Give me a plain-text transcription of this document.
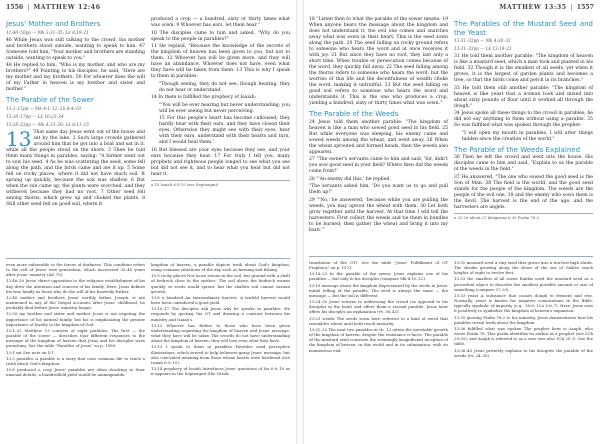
1556 | MATTHEW 12:46
Jesus' Mother and Brothers
12:46–50pp — Mk 3:31–35; Lk 8:19–21

46 While Jesus was still talking to the crowd, his mother and brothers stood outside, wanting to speak to him. 47 Someone told him, "Your mother and brothers are standing outside, wanting to speak to you."

48 He replied to him, "Who is my mother, and who are my brothers?" 49 Pointing to his disciples, he said, "Here are my mother and my brothers. 50 For whoever does the will of my Father in heaven is my brother and sister and mother."

The Parable of the Sower
13:1–15pp — Mk 4:1–12; Lk 8:4–10
13:16–17pp — Lk 10:23–24
13:18–23pp — Mk 4:13–20; Lk 8:11–15

13 That same day Jesus went out of the house and sat by the lake. 2 Such large crowds gathered around him that he got into a boat and sat in it, while all the people stood on the shore. 3 Then he told them many things in parables, saying: "A farmer went out to sow his seed. 4 As he was scattering the seed, some fell along the path, and the birds came and ate it up. 5 Some fell on rocky places, where it did not have much soil. It sprang up quickly, because the soil was shallow. 6 But when the sun came up, the plants were scorched, and they withered because they had no root. 7 Other seed fell among thorns, which grew up and choked the plants. 8 Still other seed fell on good soil, where it

produced a crop — a hundred, sixty or thirty times what was sown. 9 Whoever has ears, let them hear."

10 The disciples came to him and asked, "Why do you speak to the people in parables?"

11 He replied, "Because the knowledge of the secrets of the kingdom of heaven has been given to you, but not to them. 12 Whoever has will be given more, and they will have an abundance. Whoever does not have, even what they have will be taken from them. 13 This is why I speak to them in parables:

"Though seeing, they do not see; though hearing, they do not hear or understand.

14 In them is fulfilled the prophecy of Isaiah:

"'You will be ever hearing but never understanding; you will be ever seeing but never perceiving.

15 For this people's heart has become calloused; they hardly hear with their ears, and they have closed their eyes. Otherwise they might see with their eyes, hear with their ears, understand with their hearts and turn, and I would heal them.'

16 But blessed are your eyes because they see, and your ears because they hear. 17 For truly I tell you, many prophets and righteous people longed to see what you see but did not see it, and to hear what you hear but did not hear it.

a 15 Isaiah 6:9,10 (see Septuagint)

even more vulnerable to the forces of darkness. This condition refers to the evil of Jesus' own generation, which uncovered 35–40 years after Jesus' ministry (AD 70).

12:46–50 Jesus' direct opposition to the religious establishment of his day drew the attention and concern of his family. Here, Jesus defines his true family as those who do the will of his heavenly Father.

12:46 mother and brothers Jesus' earthly father, Joseph, is not mentioned in any of the Gospel accounts after Jesus' childhood; he probably died before Jesus' ministry began.

12:50 my brother and sister and mother Jesus is not negating the importance of his natural family, but his is emphasizing the greater importance of loyalty to the kingdom of God.

13:1–52 Matthew 13 consists of eight parables. The first — the parable of the sower — describes four different responses to the message of the kingdom of heaven that Jesus and his disciples were preaching. See the table "Parables of Jesus" on p. 1556.

13:1 sat See note on 5:1.

13:3 parables A parable is a story that uses common life to teach a truth about God's kingdom.

13:8 produced a crop Jesus' parables are often shocking in their unusual details; a hundredfold yield would be unimaginable.

kingdom of heaven, a parable depicts truth about God's kingdom, using common situations of the day such as farming and fishing.

13:5 rocky places Not loose stones in the soil, but ground with a shelf of bedrock close to the surface. The soil above the bedrock warms quickly, so seeds would sprout, but the shallow soil cannot sustain growth.

13:8 a hundred An extraordinary harvest. A tenfold harvest would have been considered a good yield.

13:10–17 The disciples ask Jesus why he speaks in parables. He responds by quoting the OT and drawing a contrast between his ministry and Isaiah's.

13:12 Whoever has Refers to those who have been given understanding regarding the kingdom of heaven and Jesus' message. what they have will be taken The crowds do not have understanding about the kingdom of heaven; they will lose even what they have.

13:13 I speak to them in parables Parables used perceptive illustrations, which served to help believers grasp Jesus' message, but also concealed meaning from those whose hearts were hardened (see Isaiah 6:9–10).

13:14 prophecy of Isaiah Introduces Jesus' quotation of Isa 6:9–10 as it appears in the Septuagint (the Greek

MATTHEW 13:35 | 1557

18 "Listen then to what the parable of the sower means: 19 When anyone hears the message about the kingdom and does not understand it, the evil one comes and snatches away what was sown in their heart. This is the seed sown along the path. 20 The seed falling on rocky ground refers to someone who hears the word and at once receives it with joy. 21 But since they have no root, they last only a short time. When trouble or persecution comes because of the word, they quickly fall away. 22 The seed falling among the thorns refers to someone who hears the word, but the worries of this life and the deceitfulness of wealth choke the word, making it unfruitful. 23 But the seed falling on good soil refers to someone who hears the word and understands it. This is the one who produces a crop, yielding a hundred, sixty or thirty times what was sown."

The Parable of the Weeds

24 Jesus told them another parable: "The kingdom of heaven is like a man who sowed good seed in his field. 25 But while everyone was sleeping, his enemy came and sowed weeds among the wheat, and went away. 26 When the wheat sprouted and formed heads, then the weeds also appeared.

27 "The owner's servants came to him and said, 'Sir, didn't you sow good seed in your field? Where then did the weeds come from?'

28 "'An enemy did this,' he replied.

"The servants asked him, 'Do you want us to go and pull them up?'

29 "'No,' he answered, 'because while you are pulling the weeds, you may uproot the wheat with them. 30 Let both grow together until the harvest. At that time I will tell the harvesters: First collect the weeds and tie them in bundles to be burned; then gather the wheat and bring it into my barn.'"

The Parables of the Mustard Seed and the Yeast
13:31–32pp — Mk 4:30–32
13:31–33pp — Lk 13:18–21

31 He told them another parable: "The kingdom of heaven is like a mustard seed, which a man took and planted in his field. 32 Though it is the smallest of all seeds, yet when it grows, it is the largest of garden plants and becomes a tree, so that the birds come and perch in its branches."

33 He told them still another parable: "The kingdom of heaven is like yeast that a woman took and mixed into about sixty pounds of flour until it worked all through the dough."

34 Jesus spoke all these things to the crowd in parables; he did not say anything to them without using a parable. 35 So was fulfilled what was spoken through the prophet:

"I will open my mouth in parables, I will utter things hidden since the creation of the world."

The Parable of the Weeds Explained

36 Then he left the crowd and went into the house. His disciples came to him and said, "Explain to us the parable of the weeds in the field."

37 He answered, "The one who sowed the good seed is the Son of Man. 38 The field is the world, and the good seed stands for the people of the kingdom. The weeds are the people of the evil one, 39 and the enemy who sows them is the devil. The harvest is the end of the age, and the harvesters are angels.

a 33 Or about 27 kilograms b 35 Psalm 78:2

translation of the OT). See the table "Jesus' Fulfillment of OT Prophecy" on p. 1573.

13:18–23 In the parable of the sower, Jesus explains one of his parables — but only to his disciples (compare Mk 4:10–12).

13:19 message about the kingdom Represented by the seeds in Jesus' initial telling of the parable. The seed is always the same — the message — but the soil is different.

13:24–30 Jesus returns to addressing the crowd (as opposed to his disciples in the boat) and offers them a second parable. Jesus later offers his disciples an explanation (vv. 36–43).

13:25 weeds The seeds sown here referred to a kind of weed that resembles wheat until both reach maturity.

13:31–33 The next two parables in ch. 13 stress the inevitable growth of the kingdom of heaven, despite the resistance it faces. The parable of the mustard seed contrasts the seemingly insignificant inception of the kingdom of heaven, in this world and in its culmination, with its momentous end.

13:31 mustard seed A tiny seed that grows into a ten-foot-high shrub. The shrubs growing along the shore of the sea of Galilee reach heights of eight to twelve feet.

13:33 the smallest of all seeds Rabbis used the mustard seed as a proverbial object to describe the smallest possible amount or size of something (compare 17:20).

13:33 yeast A substance that causes dough to ferment and rise. Normally, yeast is known for negative connotations in the Bible, typically symbolic of impurity (e.g., 16:6; 1Co 5:6–7). Here, Jesus uses it positively to symbolize the kingdom of heaven's expansion.

13:35 quoting Psalm 78:2 to his ministry, Jesus demonstrates how his parables reveal truth about the kingdom.

13:36 fulfilled what was spoken The prophet here is Asaph, who wrote Psalm 78. This psalm identifies its author as a prophet (see 2Ch 29:30), and Asaph is referred to as a seer (see also 1Ch 25:2). See the table.

13:36–43 Jesus privately explains to his disciples the parable of the weeds (vv. 24–30).
